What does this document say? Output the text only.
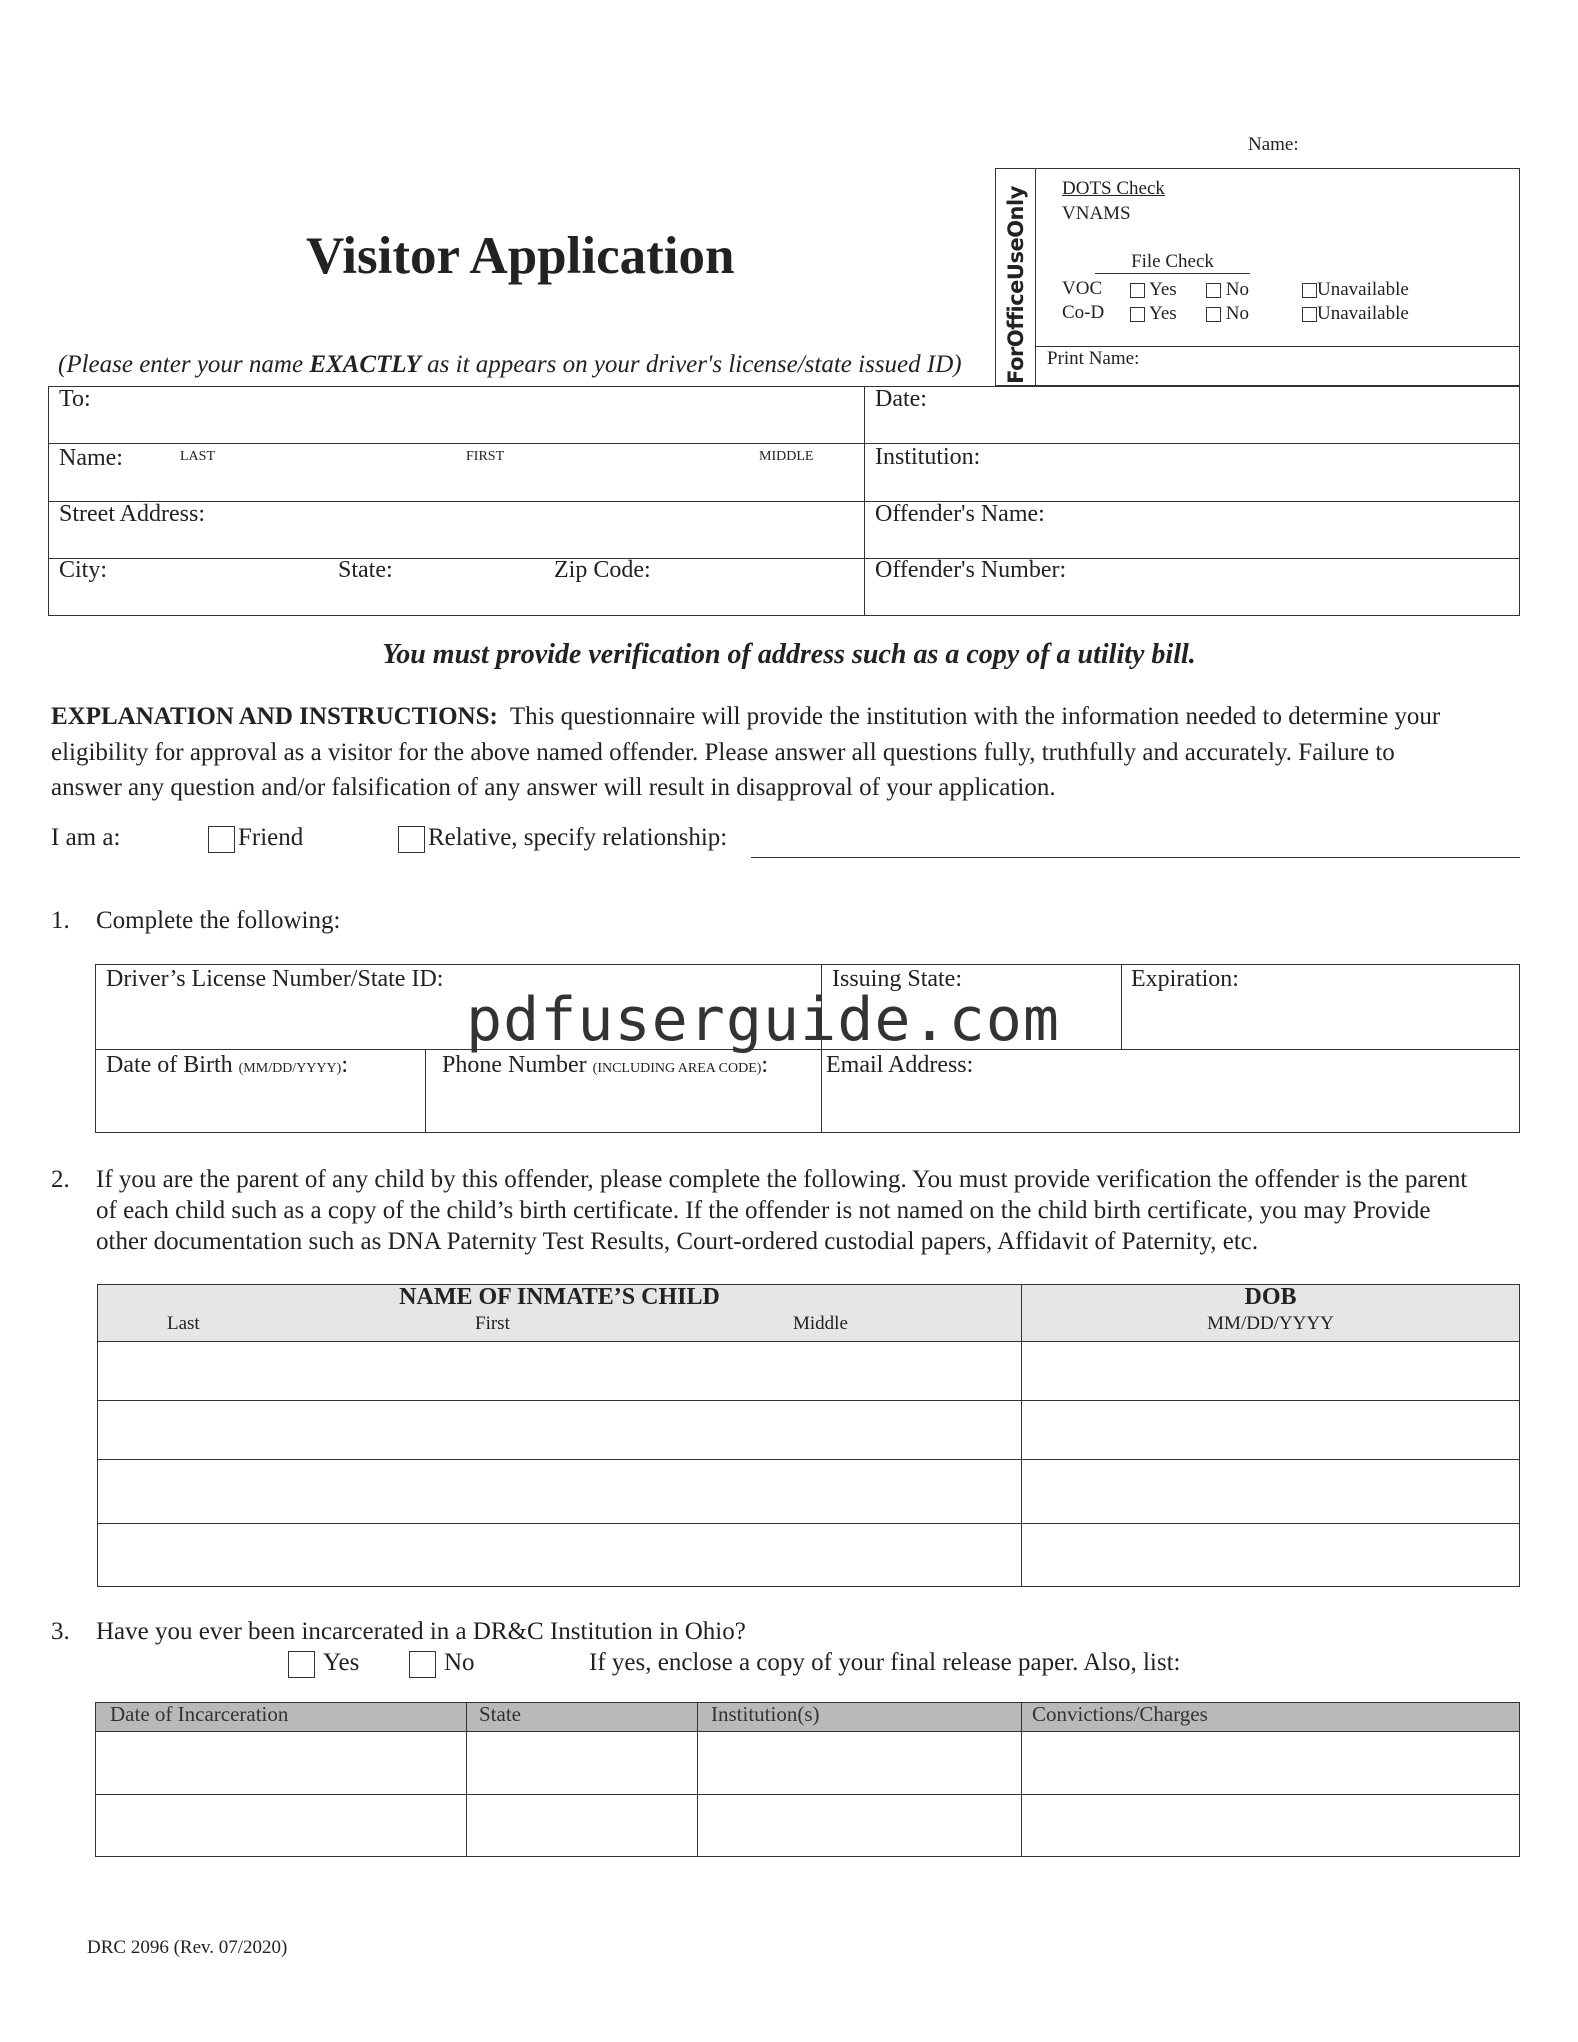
Name:
ForOfficeUseOnly DOTS Check
VNAMS
File Check
VOC	Yes	No	Unavailable
Co-D	Yes	No	Unavailable
Print Name:
Visitor Application
(Please enter your name EXACTLY as it appears on your driver's license/state issued ID)
To:	Date:
Name:	LAST	FIRST	MIDDLE	Institution:
Street Address:	Offender's Name:
City:	State:	Zip Code:	Offender's Number:
You must provide verification of address such as a copy of a utility bill.
EXPLANATION AND INSTRUCTIONS: This questionnaire will provide the institution with the information needed to determine your
eligibility for approval as a visitor for the above named offender. Please answer all questions fully, truthfully and accurately. Failure to
answer any question and/or falsification of any answer will result in disapproval of your application.
I am a:	Friend	Relative, specify relationship:
1. Complete the following:
Driver’s License Number/State ID:	Issuing State:	Expiration:
Date of Birth (MM/DD/YYYY):	Phone Number (INCLUDING AREA CODE): Email Address:
pdfuserguide.com
2. If you are the parent of any child by this offender, please complete the following. You must provide verification the offender is the parent
of each child such as a copy of the child’s birth certificate. If the offender is not named on the child birth certificate, you may Provide
other documentation such as DNA Paternity Test Results, Court-ordered custodial papers, Affidavit of Paternity, etc.
NAME OF INMATE’S CHILD
Last	First	Middle
DOB
MM/DD/YYYY
3. Have you ever been incarcerated in a DR&C Institution in Ohio?
Yes	No	If yes, enclose a copy of your final release paper. Also, list:
Date of Incarceration	State	Institution(s)	Convictions/Charges
DRC 2096 (Rev. 07/2020)
